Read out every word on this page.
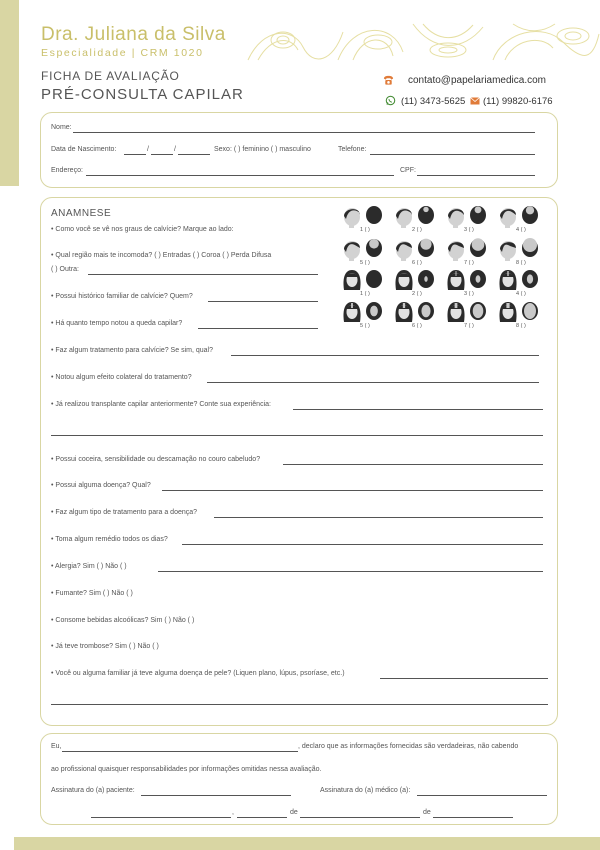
Dra. Juliana da Silva
Especialidade | CRM 1020
FICHA DE AVALIAÇÃO
PRÉ-CONSULTA CAPILAR
contato@papelariamedica.com
(11) 3473-5625 (11) 99820-6176
Nome:
Data de Nascimento:	/	/	Sexo: ( ) feminino ( ) masculino	Telefone:
Endereço:	CPF:
ANAMNESE
• Como você se vê nos graus de calvície? Marque ao lado:
• Qual região mais te incomoda? ( ) Entradas ( ) Coroa ( ) Perda Difusa
( ) Outra:
• Possui histórico familiar de calvície? Quem?
• Há quanto tempo notou a queda capilar?
• Faz algum tratamento para calvície? Se sim, qual?
• Notou algum efeito colateral do tratamento?
• Já realizou transplante capilar anteriormente? Conte sua experiência:
• Possui coceira, sensibilidade ou descamação no couro cabeludo?
• Possui alguma doença? Qual?
• Faz algum tipo de tratamento para a doença?
• Toma algum remédio todos os dias?
• Alergia? Sim ( ) Não ( )
• Fumante? Sim ( ) Não ( )
• Consome bebidas alcoólicas? Sim ( ) Não ( )
• Já teve trombose? Sim ( ) Não ( )
• Você ou alguma familiar já teve alguma doença de pele? (Liquen plano, lúpus, psoríase, etc.)
1 ( )	2 ( )	3 ( )	4 ( )
5 ( )	6 ( )	7 ( )	8 ( )
1 ( )	2 ( )	3 ( )	4 ( )
5 ( )	6 ( )	7 ( )	8 ( )
Eu,	, declaro que as informações fornecidas são verdadeiras, não cabendo
ao profissional quaisquer responsabilidades por informações omitidas nessa avaliação.
Assinatura do (a) paciente:	Assinatura do (a) médico (a):
,	de	de
